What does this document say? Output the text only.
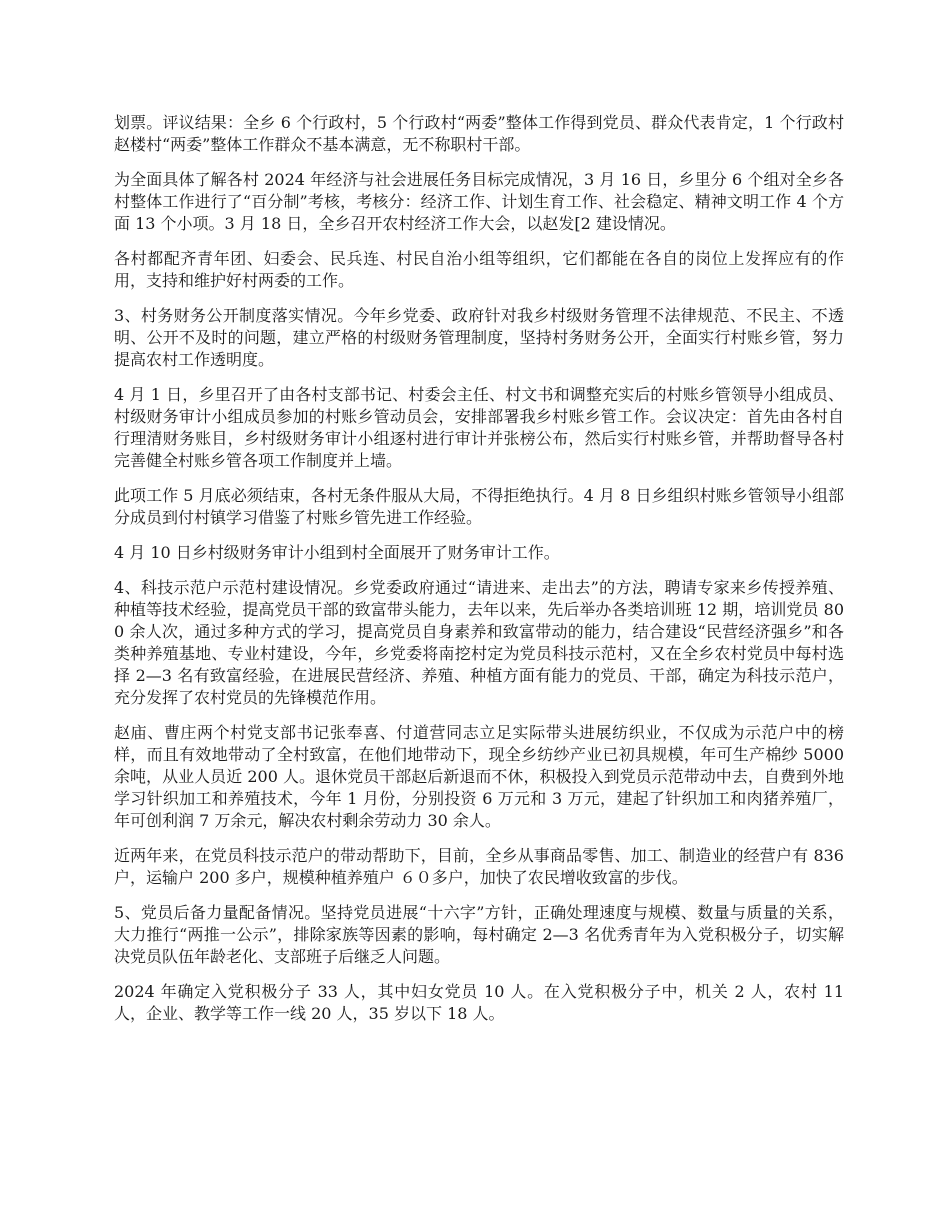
划票。评议结果：全乡 6 个行政村，5 个行政村“两委”整体工作得到党员、群众代表肯定，1 个行政村赵楼村“两委”整体工作群众不基本满意，无不称职村干部。

为全面具体了解各村 2024 年经济与社会进展任务目标完成情况，3 月 16 日，乡里分 6 个组对全乡各村整体工作进行了“百分制”考核，考核分：经济工作、计划生育工作、社会稳定、精神文明工作 4 个方面 13 个小项。3 月 18 日，全乡召开农村经济工作大会，以赵发[2 建设情况。

各村都配齐青年团、妇委会、民兵连、村民自治小组等组织，它们都能在各自的岗位上发挥应有的作用，支持和维护好村两委的工作。

3、村务财务公开制度落实情况。今年乡党委、政府针对我乡村级财务管理不法律规范、不民主、不透明、公开不及时的问题，建立严格的村级财务管理制度，坚持村务财务公开，全面实行村账乡管，努力提高农村工作透明度。

4 月 1 日，乡里召开了由各村支部书记、村委会主任、村文书和调整充实后的村账乡管领导小组成员、村级财务审计小组成员参加的村账乡管动员会，安排部署我乡村账乡管工作。会议决定：首先由各村自行理清财务账目，乡村级财务审计小组逐村进行审计并张榜公布，然后实行村账乡管，并帮助督导各村完善健全村账乡管各项工作制度并上墙。

此项工作 5 月底必须结束，各村无条件服从大局，不得拒绝执行。4 月 8 日乡组织村账乡管领导小组部分成员到付村镇学习借鉴了村账乡管先进工作经验。

4 月 10 日乡村级财务审计小组到村全面展开了财务审计工作。

4、科技示范户示范村建设情况。乡党委政府通过“请进来、走出去”的方法，聘请专家来乡传授养殖、种植等技术经验，提高党员干部的致富带头能力，去年以来，先后举办各类培训班 12 期，培训党员 800 余人次，通过多种方式的学习，提高党员自身素养和致富带动的能力，结合建设“民营经济强乡”和各类种养殖基地、专业村建设，今年，乡党委将南挖村定为党员科技示范村，又在全乡农村党员中每村选择 2—3 名有致富经验，在进展民营经济、养殖、种植方面有能力的党员、干部，确定为科技示范户，充分发挥了农村党员的先锋模范作用。

赵庙、曹庄两个村党支部书记张奉喜、付道营同志立足实际带头进展纺织业，不仅成为示范户中的榜样，而且有效地带动了全村致富，在他们地带动下，现全乡纺纱产业已初具规模，年可生产棉纱 5000 余吨，从业人员近 200 人。退休党员干部赵后新退而不休，积极投入到党员示范带动中去，自费到外地学习针织加工和养殖技术，今年 1 月份，分别投资 6 万元和 3 万元，建起了针织加工和肉猪养殖厂，年可创利润 7 万余元，解决农村剩余劳动力 30 余人。

近两年来，在党员科技示范户的带动帮助下，目前，全乡从事商品零售、加工、制造业的经营户有 836 户，运输户 200 多户，规模种植养殖户 ６０多户，加快了农民增收致富的步伐。

5、党员后备力量配备情况。坚持党员进展“十六字”方针，正确处理速度与规模、数量与质量的关系，大力推行“两推一公示”，排除家族等因素的影响，每村确定 2—3 名优秀青年为入党积极分子，切实解决党员队伍年龄老化、支部班子后继乏人问题。

2024 年确定入党积极分子 33 人，其中妇女党员 10 人。在入党积极分子中，机关 2 人，农村 11 人，企业、教学等工作一线 20 人，35 岁以下 18 人。
